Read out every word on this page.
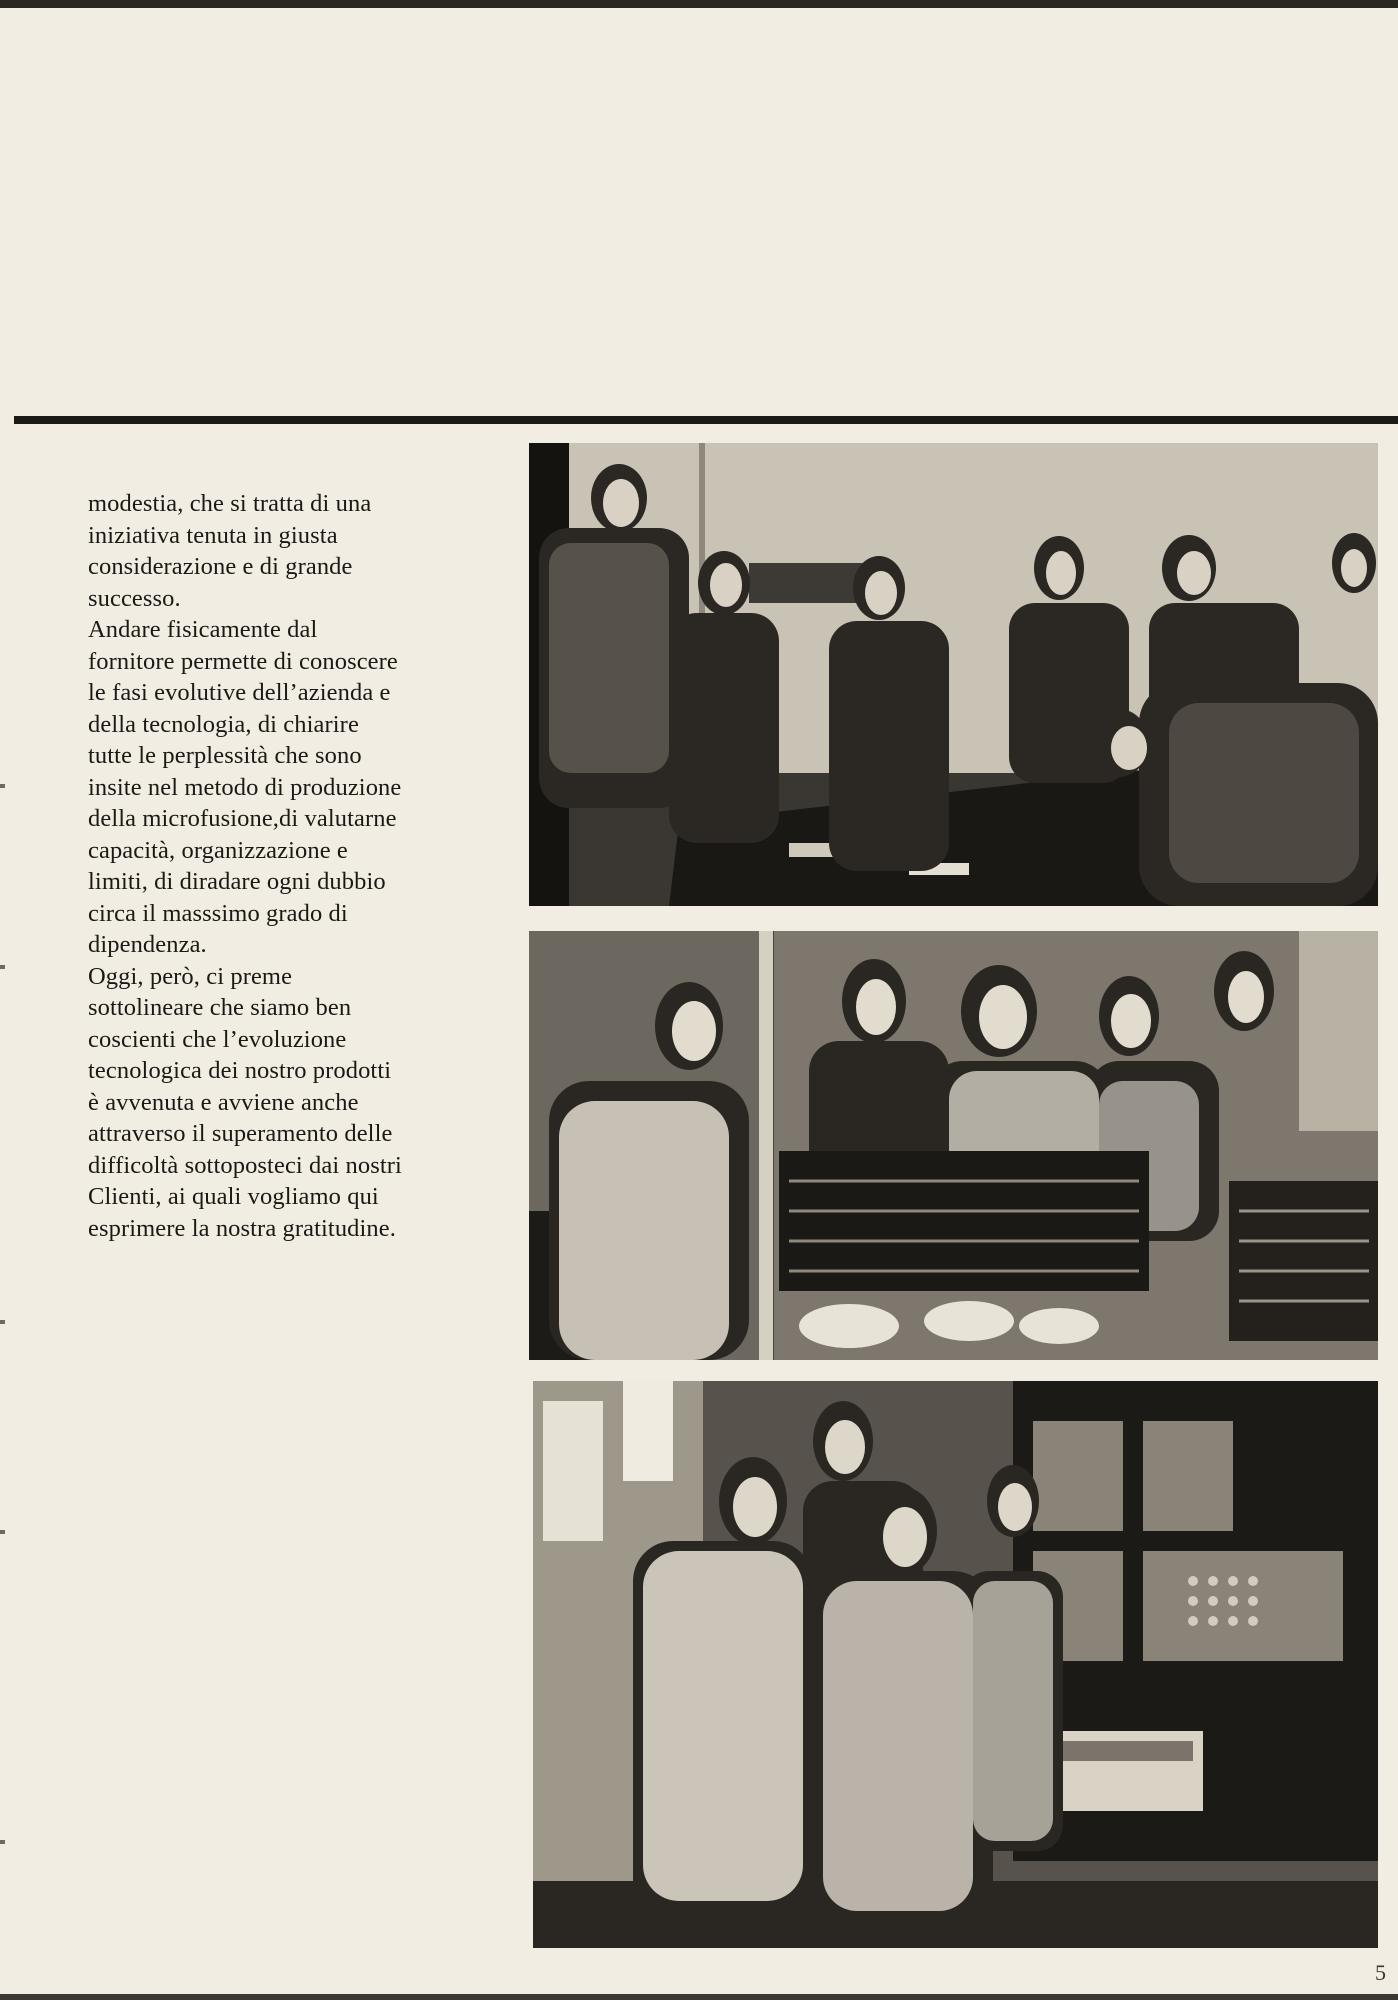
modestia, che si tratta di una
iniziativa tenuta in giusta
considerazione e di grande
successo.

Andare fisicamente dal
fornitore permette di conoscere
le fasi evolutive dell’azienda e
della tecnologia, di chiarire
tutte le perplessità che sono
insite nel metodo di produzione
della microfusione,di valutarne
capacità, organizzazione e
limiti, di diradare ogni dubbio
circa il masssimo grado di
dipendenza.

Oggi, però, ci preme
sottolineare che siamo ben
coscienti che l’evoluzione
tecnologica dei nostro prodotti
è avvenuta e avviene anche
attraverso il superamento delle
difficoltà sottoposteci dai nostri
Clienti, ai quali vogliamo qui
esprimere la nostra gratitudine.

5
